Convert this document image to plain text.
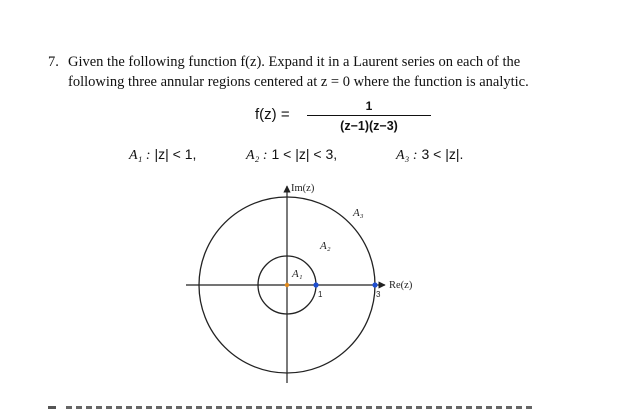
7. Given the following function f(z). Expand it in a Laurent series on each of the
following three annular regions centered at z = 0 where the function is analytic.
f(z) =	1
(z−1)(z−3)
A₁ : |z| < 1,	A₂ : 1 < |z| < 3,	A₃ : 3 < |z|.
Im(z)
Re(z)
A₁
A₂
A₃
1	3
